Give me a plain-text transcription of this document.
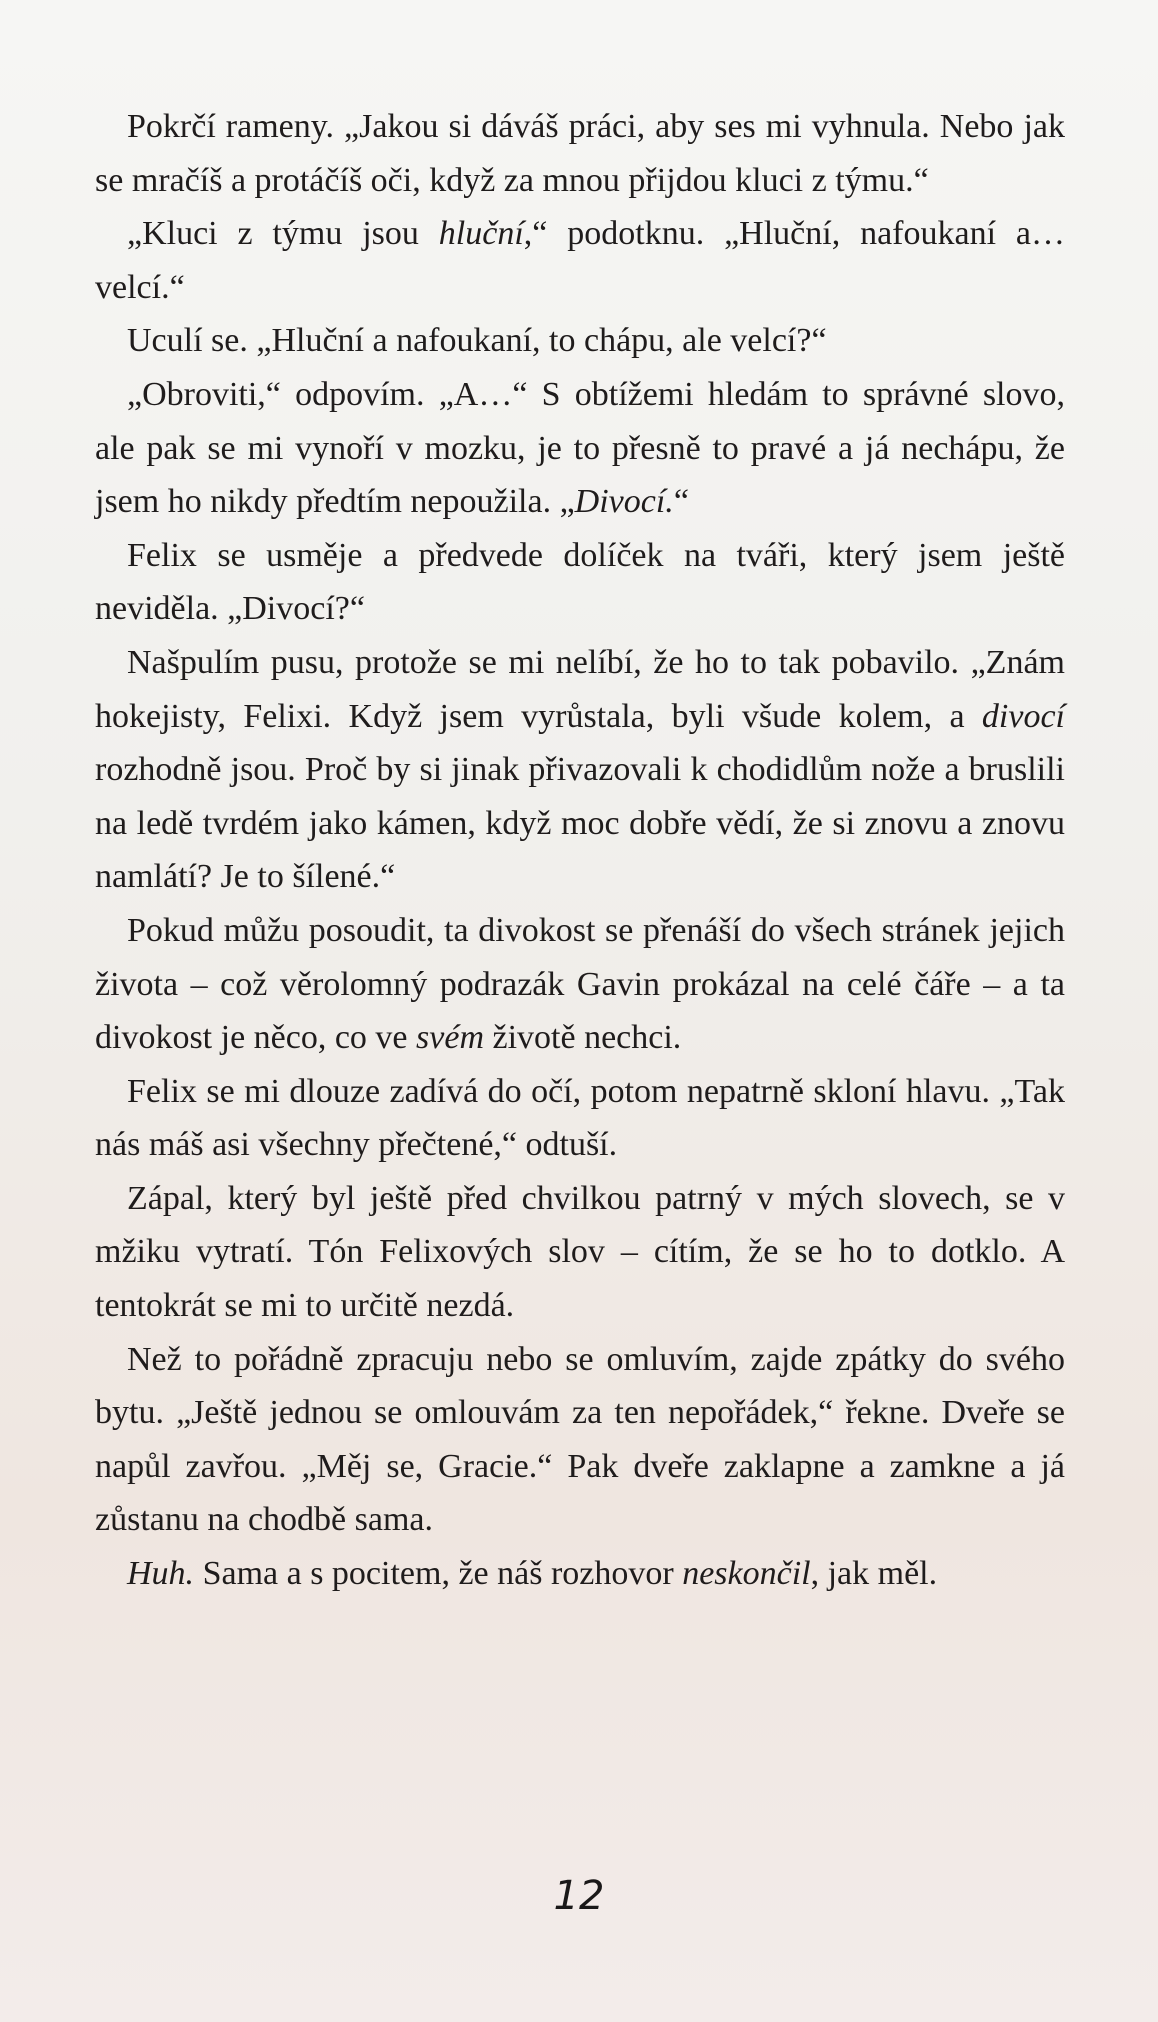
Pokrčí rameny. „Jakou si dáváš práci, aby ses mi vyhnula. Nebo jak se mračíš a protáčíš oči, když za mnou přijdou kluci z týmu.“

„Kluci z týmu jsou hluční,“ podotknu. „Hluční, nafoukaní a… velcí.“

Uculí se. „Hluční a nafoukaní, to chápu, ale velcí?“

„Obroviti,“ odpovím. „A…“ S obtížemi hledám to správné slovo, ale pak se mi vynoří v mozku, je to přesně to pravé a já nechápu, že jsem ho nikdy předtím nepoužila. „Divocí.“

Felix se usměje a předvede dolíček na tváři, který jsem ještě neviděla. „Divocí?“

Našpulím pusu, protože se mi nelíbí, že ho to tak pobavilo. „Znám hokejisty, Felixi. Když jsem vyrůstala, byli všude kolem, a divocí rozhodně jsou. Proč by si jinak přivazovali k chodidlům nože a bruslili na ledě tvrdém jako kámen, když moc dobře vědí, že si znovu a znovu namlátí? Je to šílené.“

Pokud můžu posoudit, ta divokost se přenáší do všech stránek jejich života – což věrolomný podrazák Gavin prokázal na celé čáře – a ta divokost je něco, co ve svém životě nechci.

Felix se mi dlouze zadívá do očí, potom nepatrně skloní hlavu. „Tak nás máš asi všechny přečtené,“ odtuší.

Zápal, který byl ještě před chvilkou patrný v mých slovech, se v mžiku vytratí. Tón Felixových slov – cítím, že se ho to dotklo. A tentokrát se mi to určitě nezdá.

Než to pořádně zpracuju nebo se omluvím, zajde zpátky do svého bytu. „Ještě jednou se omlouvám za ten nepořádek,“ řekne. Dveře se napůl zavřou. „Měj se, Gracie.“ Pak dveře zaklapne a zamkne a já zůstanu na chodbě sama.

Huh. Sama a s pocitem, že náš rozhovor neskončil, jak měl.

12
